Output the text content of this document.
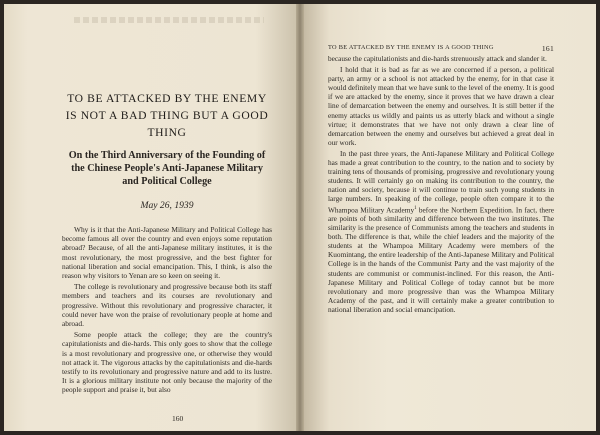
TO BE ATTACKED BY THE ENEMY IS NOT A BAD THING BUT A GOOD THING
On the Third Anniversary of the Founding of the Chinese People's Anti-Japanese Military and Political College
May 26, 1939

Why is it that the Anti-Japanese Military and Political College has become famous all over the country and even enjoys some reputation abroad? Because, of all the anti-Japanese military institutes, it is the most revolutionary, the most progressive, and the best fighter for national liberation and social emancipation. This, I think, is also the reason why visitors to Yenan are so keen on seeing it.

The college is revolutionary and progressive because both its staff members and teachers and its courses are revolutionary and progressive. Without this revolutionary and progressive character, it could never have won the praise of revolutionary people at home and abroad.

Some people attack the college; they are the country's capitulationists and die-hards. This only goes to show that the college is a most revolutionary and progressive one, or otherwise they would not attack it. The vigorous attacks by the capitulationists and die-hards testify to its revolutionary and progressive nature and add to its lustre. It is a glorious military institute not only because the majority of the people support and praise it, but also

160
TO BE ATTACKED BY THE ENEMY IS A GOOD THING	161

because the capitulationists and die-hards strenuously attack and slander it.

I hold that it is bad as far as we are concerned if a person, a political party, an army or a school is not attacked by the enemy, for in that case it would definitely mean that we have sunk to the level of the enemy. It is good if we are attacked by the enemy, since it proves that we have drawn a clear line of demarcation between the enemy and ourselves. It is still better if the enemy attacks us wildly and paints us as utterly black and without a single virtue; it demonstrates that we have not only drawn a clear line of demarcation between the enemy and ourselves but achieved a great deal in our work.

In the past three years, the Anti-Japanese Military and Political College has made a great contribution to the country, to the nation and to society by training tens of thousands of promising, progressive and revolutionary young students. It will certainly go on making its contribution to the country, the nation and society, because it will continue to train such young students in large numbers. In speaking of the college, people often compare it to the Whampoa Military Academy$^1$ before the Northern Expedition. In fact, there are points of both similarity and difference between the two institutes. The similarity is the presence of Communists among the teachers and students in both. The difference is that, while the chief leaders and the majority of the students at the Whampoa Military Academy were members of the Kuomintang, the entire leadership of the Anti-Japanese Military and Political College is in the hands of the Communist Party and the vast majority of the students are communist or communist-inclined. For this reason, the Anti-Japanese Military and Political College of today cannot but be more revolutionary and more progressive than was the Whampoa Military Academy of the past, and it will certainly make a greater contribution to national liberation and social emancipation.
